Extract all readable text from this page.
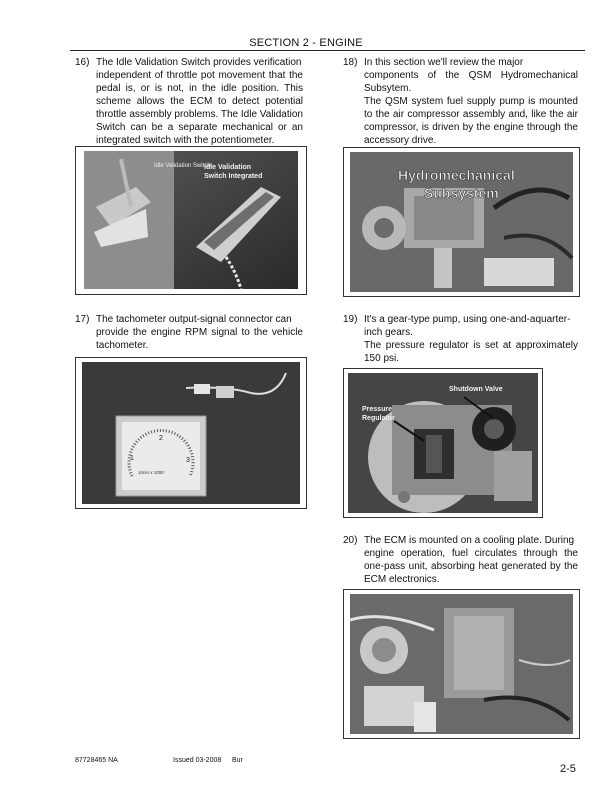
SECTION 2 - ENGINE
16) The Idle Validation Switch provides verification
independent of throttle pot movement that the pedal is, or is not, in the idle position. This scheme allows the ECM to detect potential throttle assembly problems. The Idle Validation Switch can be a separate mechanical or an integrated switch with the potentiometer.
Idle Validation Switch
Idle Validation
Switch Integrated
17) The tachometer output-signal connector can
provide the engine RPM signal to the vehicle tachometer.
1
2
3
1/min x 1000
18) In this section we'll review the major
components of the QSM Hydromechanical Subsytem.
The QSM system fuel supply pump is mounted to the air compressor assembly and, like the air compressor, is driven by the engine through the accessory drive.
Hydromechanical
Subsystem
19) It's a gear-type pump, using one-and-aquarter-
inch gears.
The pressure regulator is set at approximately 150 psi.
Shutdown Valve
Pressure
Regulator
20) The ECM is mounted on a cooling plate. During
engine operation, fuel circulates through the one-pass unit, absorbing heat generated by the ECM electronics.
87728465 NA	Issued 03-2008 Bur
2-5
